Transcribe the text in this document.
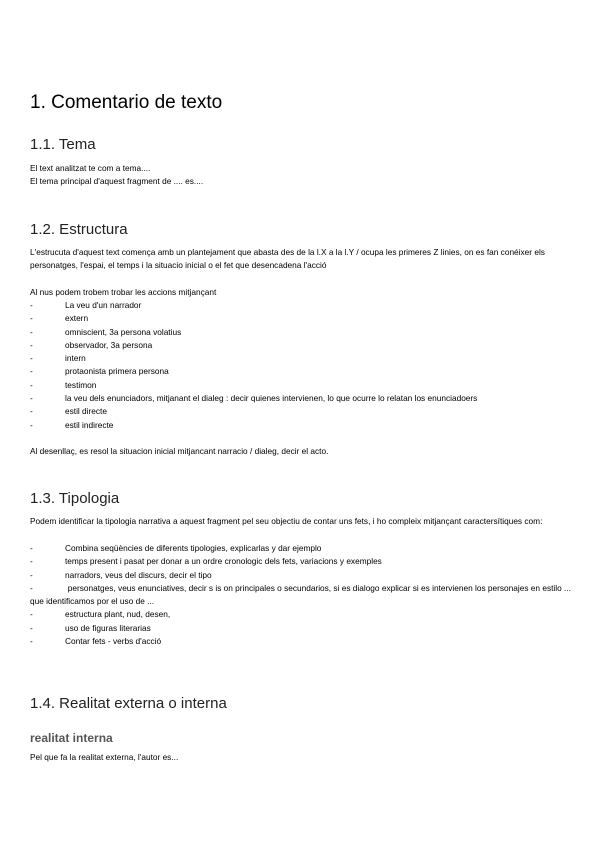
1. Comentario de texto
1.1. Tema

El text analitzat te com a tema....

El tema principal d'aquest fragment de .... es....

1.2. Estructura

L'estrucuta d'aquest text comença amb un plantejament que abasta des de la l.X a la l.Y / ocupa les primeres Z linies, on es fan conéixer els personatges, l'espai, el temps i la situacio inicial o el fet que desencadena l'acció

Al nus podem trobem trobar les accions mitjançant

-	La veu d'un narrador
-	extern
-	omniscient, 3a persona volatius
-	observador, 3a persona
-	intern
-	protaonista primera persona
-	testimon
-	la veu dels enunciadors, mitjanant el dialeg : decir quienes intervienen, lo que ocurre lo relatan los enunciadoers
-	estil directe
-	estil indirecte

Al desenllaç, es resol la situacion inicial mitjancant narracio / dialeg, decir el acto.

1.3. Tipologia

Podem identificar la tipologia narrativa a aquest fragment pel seu objectiu de contar uns fets, i ho compleix mitjançant caractersítiques com:

-	Combina seqüències de diferents tipologies, explicarlas y dar ejemplo
-	temps present i pasat per donar a un ordre cronologic dels fets, variacions y exemples
-	narradors, veus del discurs, decir el tipo
-	personatges, veus enunciatives, decir s is on principales o secundarios, si es dialogo explicar si es intervienen los personajes en estilo ... que identificamos por el uso de ...
-	estructura plant, nud, desen,
-	uso de figuras literarias
-	Contar fets - verbs d'acció
1.4. Realitat externa o interna
realitat interna

Pel que fa la realitat externa, l'autor es...
